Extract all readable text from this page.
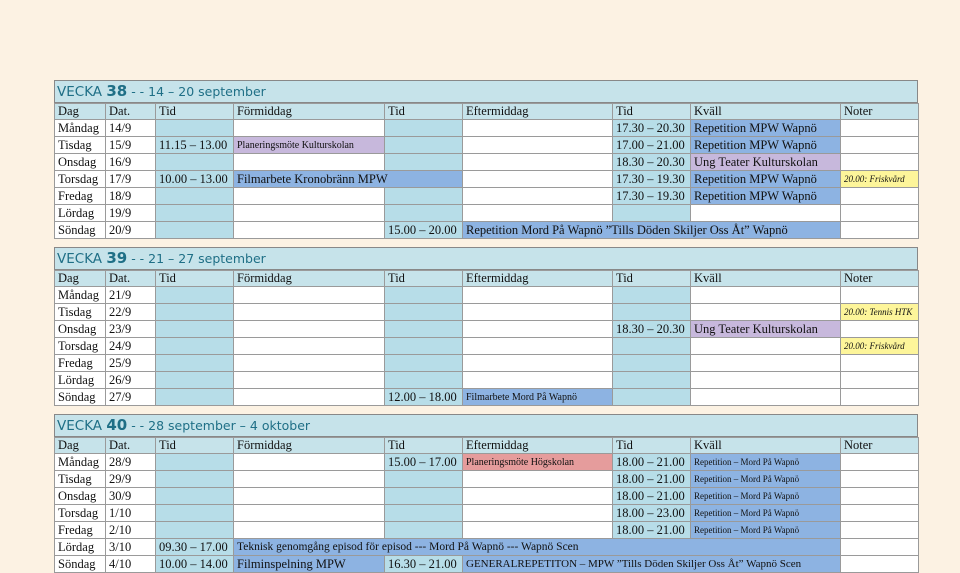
VECKA 38 - - 14 – 20 september
Dag	Dat.	Tid	Förmiddag	Tid	Eftermiddag	Tid	Kväll	Noter
Måndag	14/9					17.30 – 20.30	Repetition MPW Wapnö	
Tisdag	15/9	11.15 – 13.00	Planeringsmöte Kulturskolan			17.00 – 21.00	Repetition MPW Wapnö	
Onsdag	16/9					18.30 – 20.30	Ung Teater Kulturskolan	
Torsdag	17/9	10.00 – 13.00	Filmarbete Kronobränn MPW			17.30 – 19.30	Repetition MPW Wapnö	20.00: Friskvård
Fredag	18/9					17.30 – 19.30	Repetition MPW Wapnö	
Lördag	19/9							
Söndag	20/9			15.00 – 20.00	Repetition Mord På Wapnö ”Tills Döden Skiljer Oss Åt” Wapnö			
VECKA 39 - - 21 – 27 september
Dag	Dat.	Tid	Förmiddag	Tid	Eftermiddag	Tid	Kväll	Noter
Måndag	21/9							
Tisdag	22/9							20.00: Tennis HTK
Onsdag	23/9					18.30 – 20.30	Ung Teater Kulturskolan	
Torsdag	24/9							20.00: Friskvård
Fredag	25/9							
Lördag	26/9							
Söndag	27/9			12.00 – 18.00	Filmarbete Mord På Wapnö			
VECKA 40 - - 28 september – 4 oktober
Dag	Dat.	Tid	Förmiddag	Tid	Eftermiddag	Tid	Kväll	Noter
Måndag	28/9			15.00 – 17.00	Planeringsmöte Högskolan	18.00 – 21.00	Repetition – Mord På Wapnö	
Tisdag	29/9					18.00 – 21.00	Repetition – Mord På Wapnö	
Onsdag	30/9					18.00 – 21.00	Repetition – Mord På Wapnö	
Torsdag	1/10					18.00 – 23.00	Repetition – Mord På Wapnö	
Fredag	2/10					18.00 – 21.00	Repetition – Mord På Wapnö	
Lördag	3/10	09.30 – 17.00	Teknisk genomgång episod för episod --- Mord På Wapnö --- Wapnö Scen					
Söndag	4/10	10.00 – 14.00	Filminspelning MPW	16.30 – 21.00	GENERALREPETITON – MPW ”Tills Döden Skiljer Oss Åt” Wapnö Scen			
